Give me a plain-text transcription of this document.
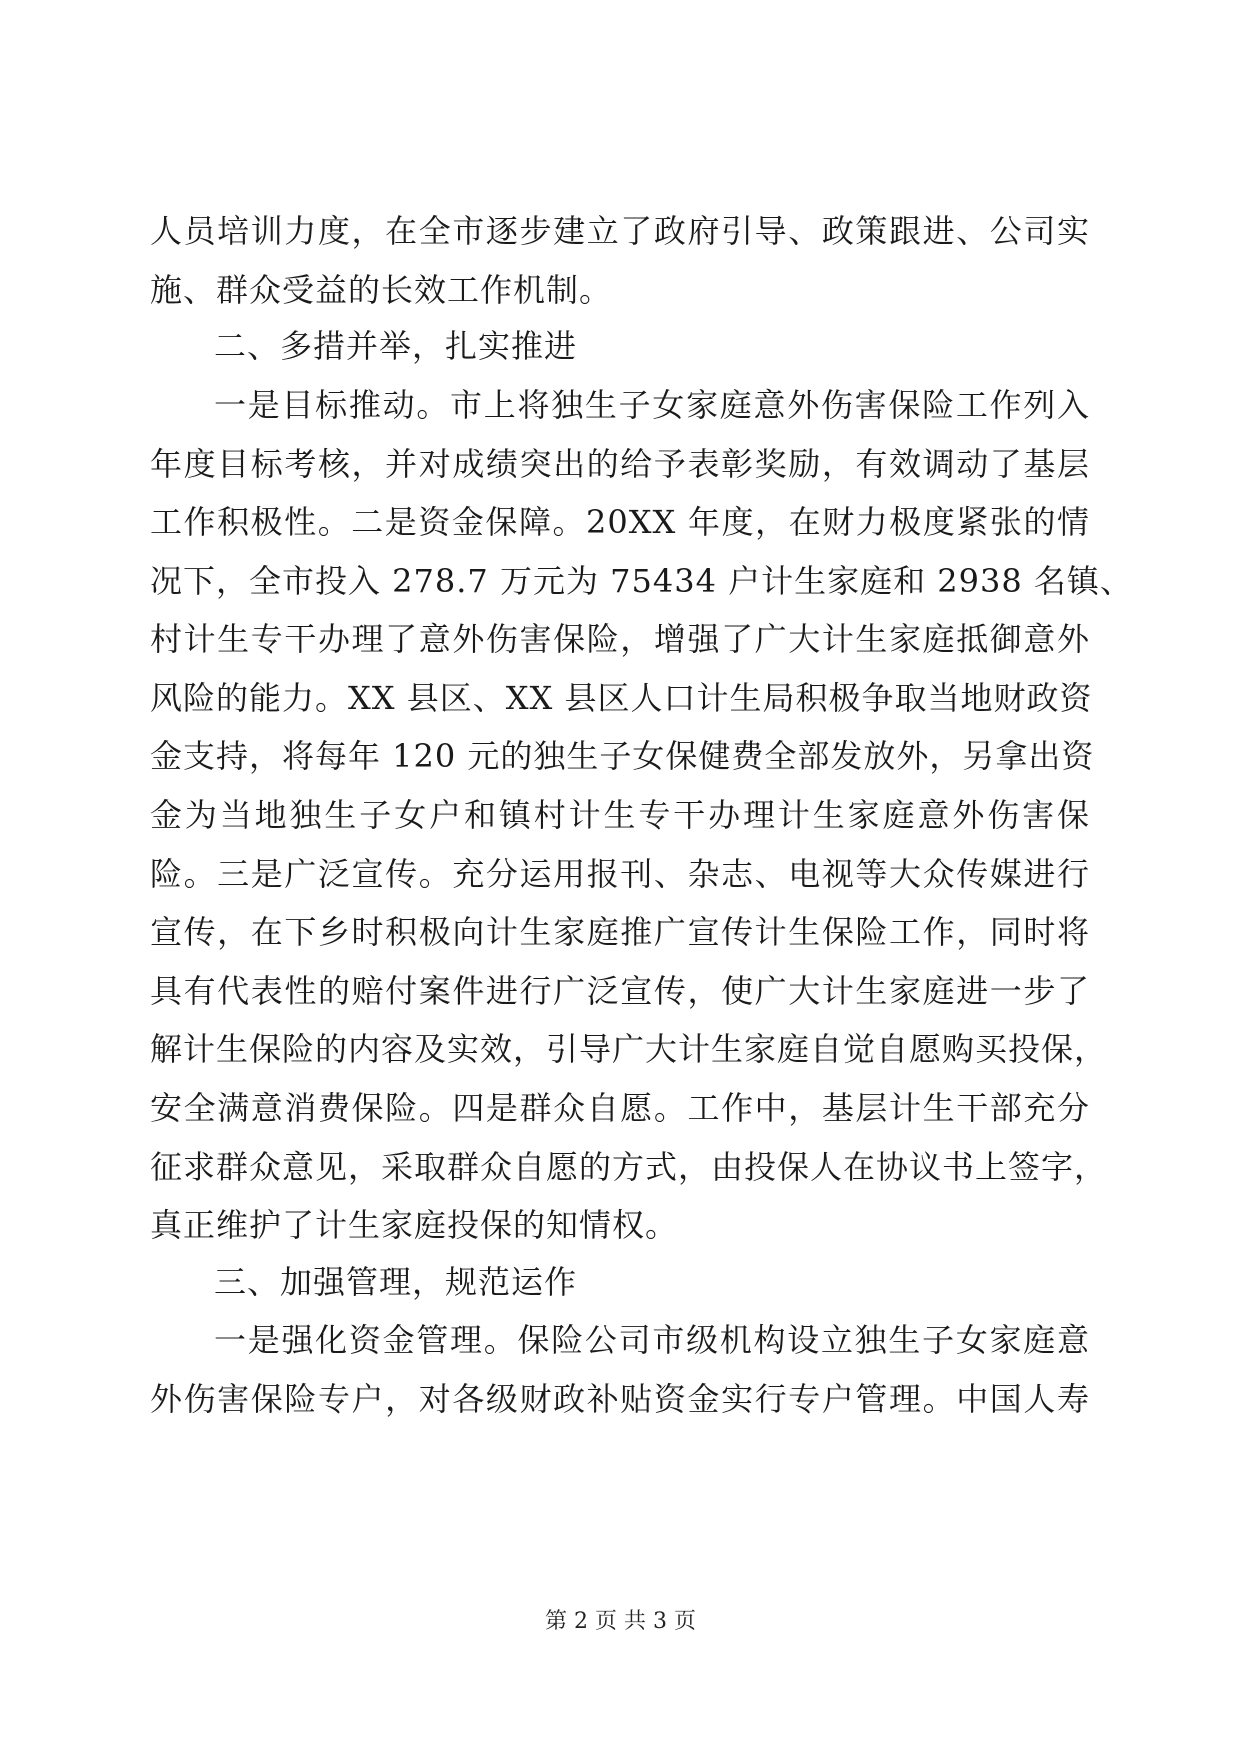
人员培训力度，在全市逐步建立了政府引导、政策跟进、公司实
施、群众受益的长效工作机制。
二、多措并举，扎实推进
一是目标推动。市上将独生子女家庭意外伤害保险工作列入
年度目标考核，并对成绩突出的给予表彰奖励，有效调动了基层
工作积极性。二是资金保障。20XX 年度，在财力极度紧张的情
况下，全市投入 278.7 万元为 75434 户计生家庭和 2938 名镇、
村计生专干办理了意外伤害保险，增强了广大计生家庭抵御意外
风险的能力。XX 县区、XX 县区人口计生局积极争取当地财政资
金支持，将每年 120 元的独生子女保健费全部发放外，另拿出资
金为当地独生子女户和镇村计生专干办理计生家庭意外伤害保
险。三是广泛宣传。充分运用报刊、杂志、电视等大众传媒进行
宣传，在下乡时积极向计生家庭推广宣传计生保险工作，同时将
具有代表性的赔付案件进行广泛宣传，使广大计生家庭进一步了
解计生保险的内容及实效，引导广大计生家庭自觉自愿购买投保，
安全满意消费保险。四是群众自愿。工作中，基层计生干部充分
征求群众意见，采取群众自愿的方式，由投保人在协议书上签字，
真正维护了计生家庭投保的知情权。
三、加强管理，规范运作
一是强化资金管理。保险公司市级机构设立独生子女家庭意
外伤害保险专户，对各级财政补贴资金实行专户管理。中国人寿
第 2 页 共 3 页
